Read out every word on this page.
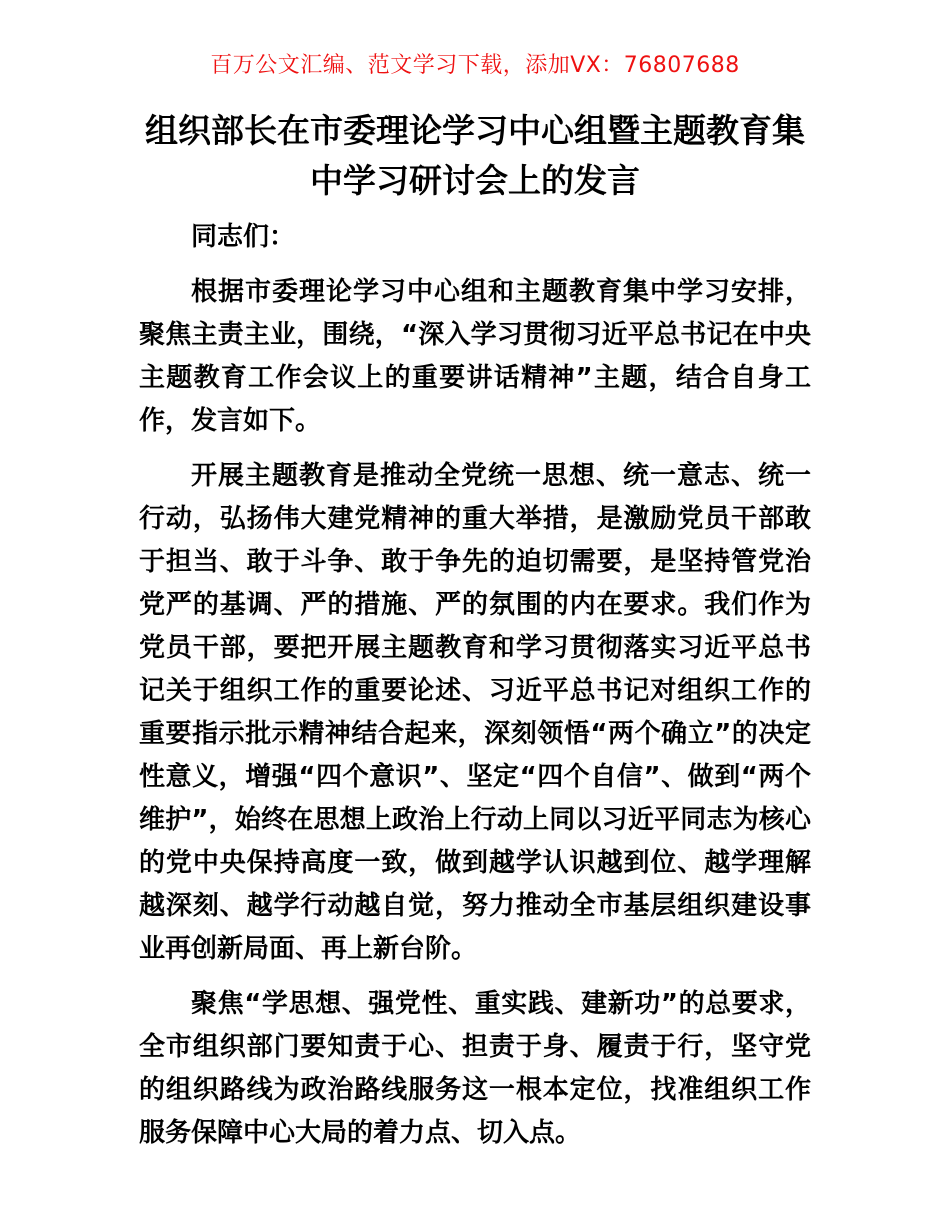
百万公文汇编、范文学习下载，添加VX：76807688
组织部长在市委理论学习中心组暨主题教育集中学习研讨会上的发言

同志们：

根据市委理论学习中心组和主题教育集中学习安排，聚焦主责主业，围绕，“深入学习贯彻习近平总书记在中央主题教育工作会议上的重要讲话精神”主题，结合自身工作，发言如下。

开展主题教育是推动全党统一思想、统一意志、统一行动，弘扬伟大建党精神的重大举措，是激励党员干部敢于担当、敢于斗争、敢于争先的迫切需要，是坚持管党治党严的基调、严的措施、严的氛围的内在要求。我们作为党员干部，要把开展主题教育和学习贯彻落实习近平总书记关于组织工作的重要论述、习近平总书记对组织工作的重要指示批示精神结合起来，深刻领悟“两个确立”的决定性意义，增强“四个意识”、坚定“四个自信”、做到“两个维护”，始终在思想上政治上行动上同以习近平同志为核心的党中央保持高度一致，做到越学认识越到位、越学理解越深刻、越学行动越自觉，努力推动全市基层组织建设事业再创新局面、再上新台阶。

聚焦“学思想、强党性、重实践、建新功”的总要求，全市组织部门要知责于心、担责于身、履责于行，坚守党的组织路线为政治路线服务这一根本定位，找准组织工作服务保障中心大局的着力点、切入点。
